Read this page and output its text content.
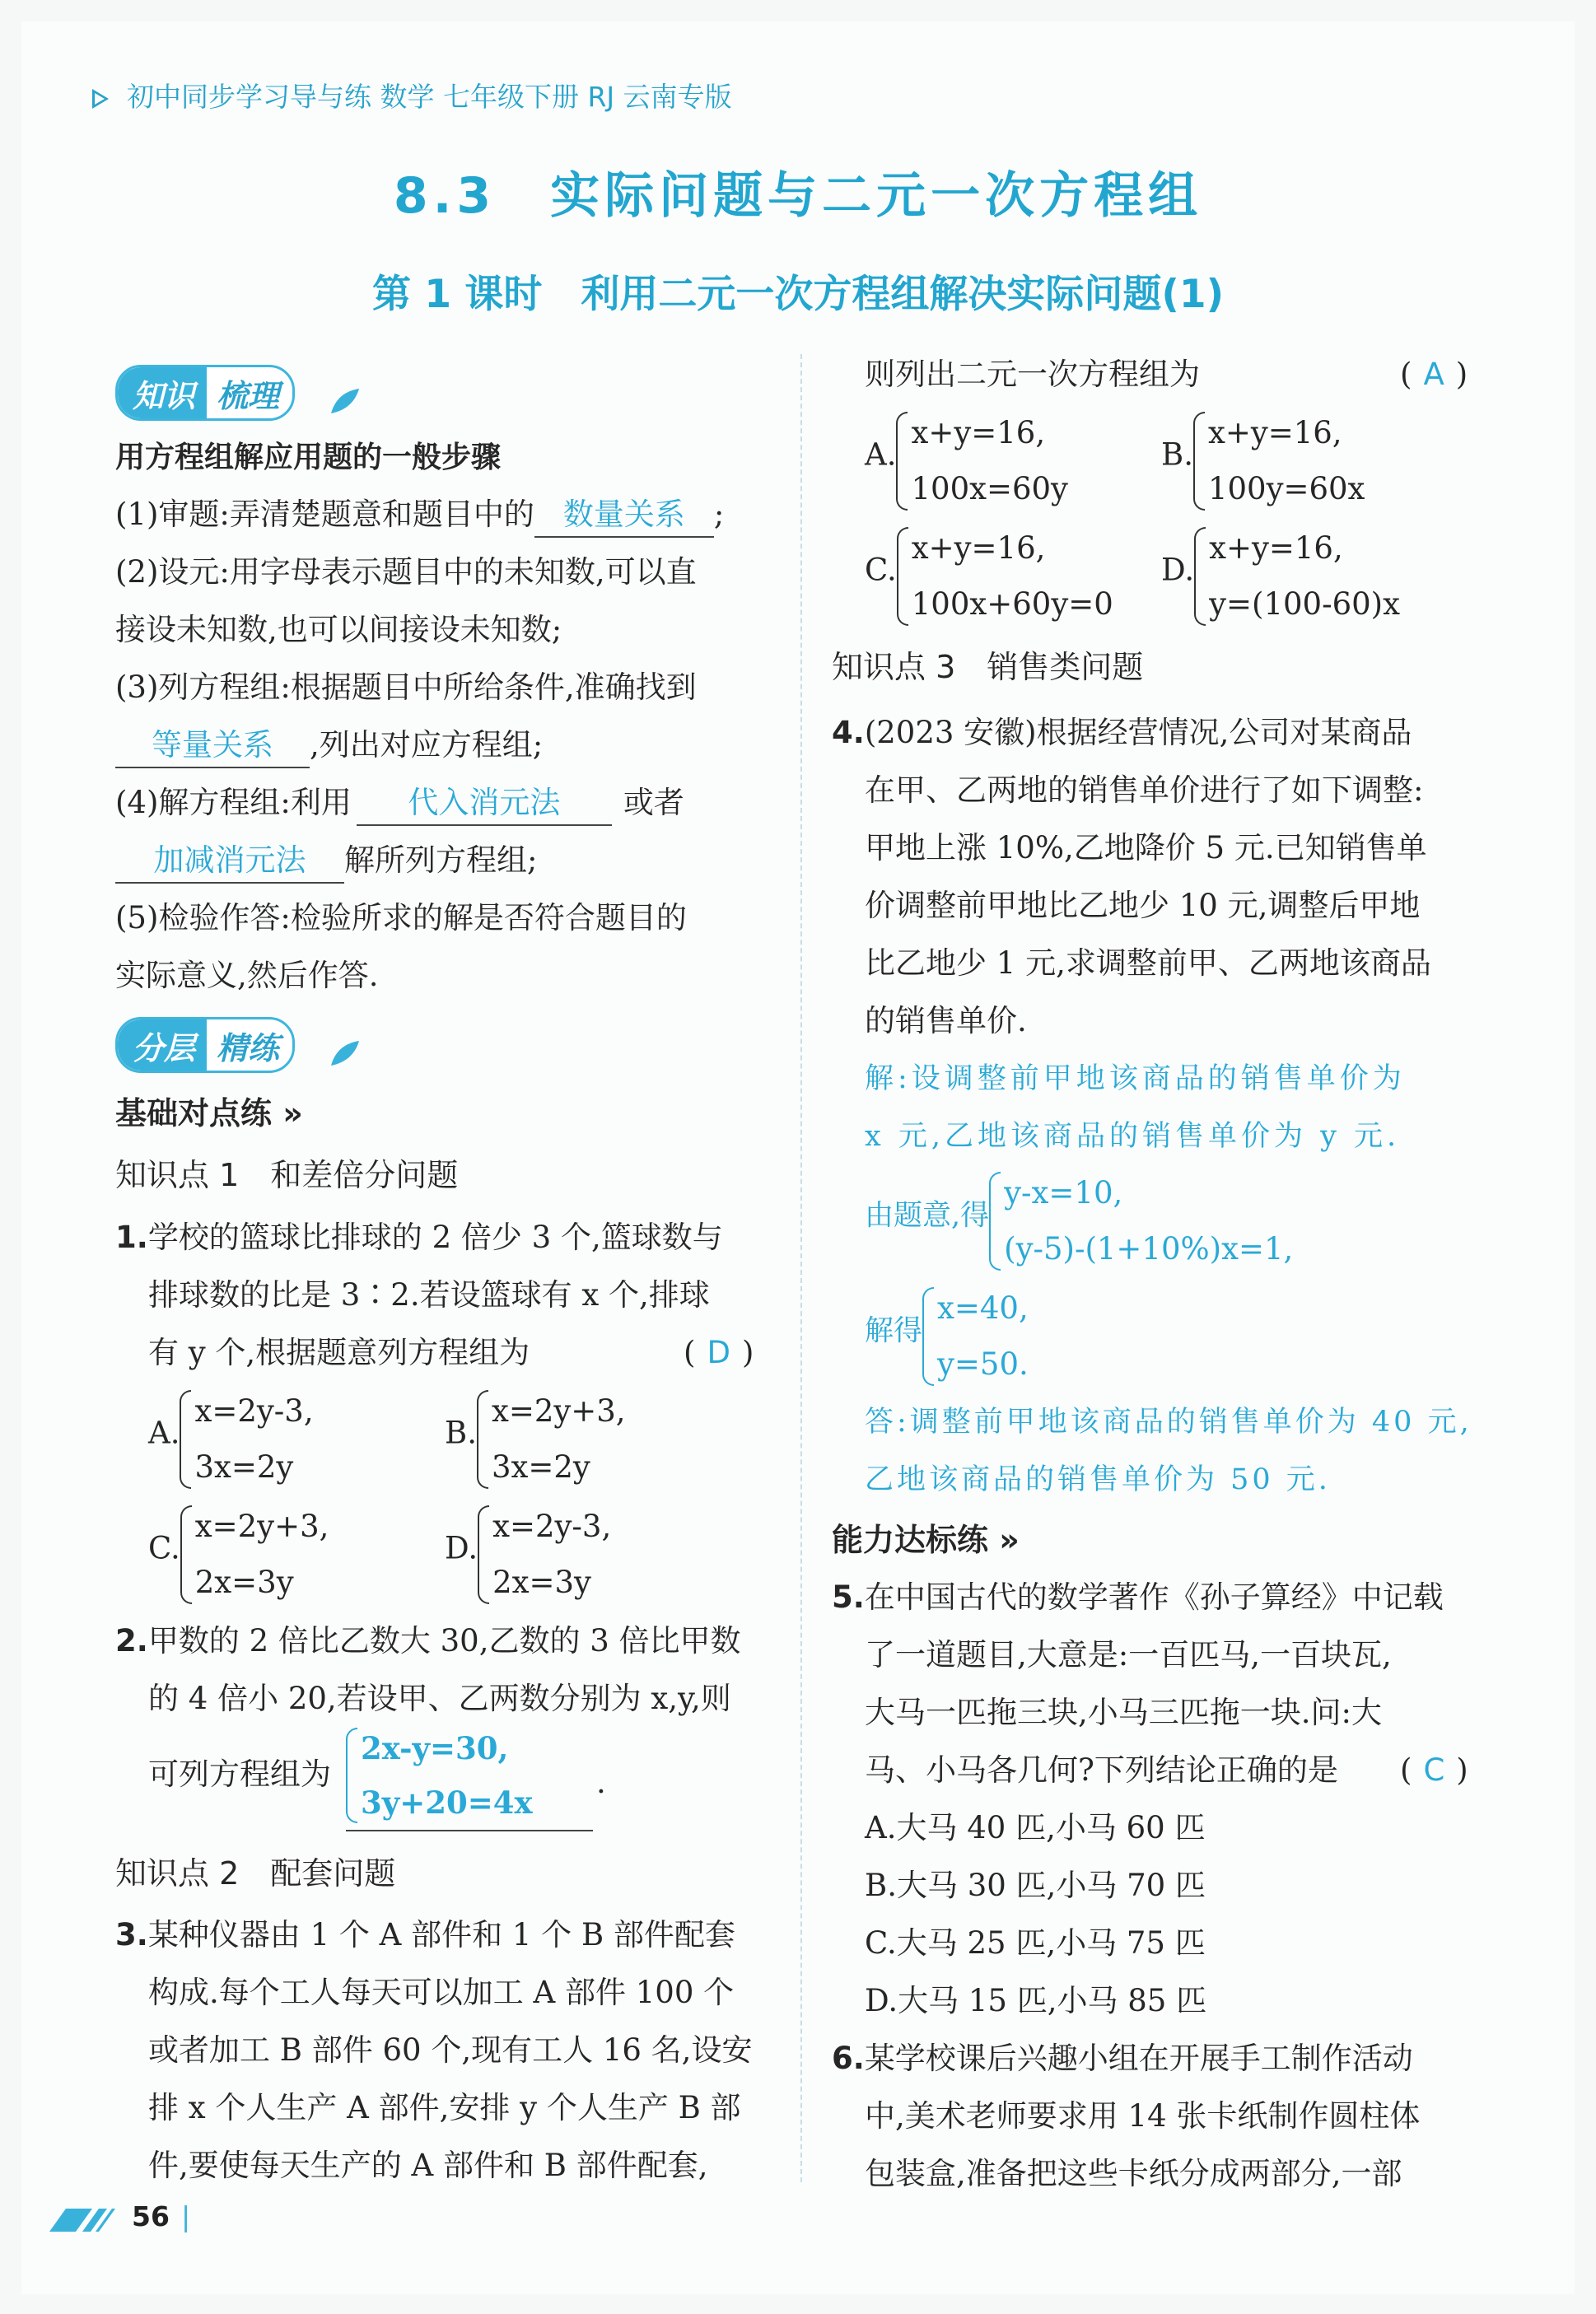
初中同步学习导与练 数学 七年级下册 RJ 云南专版
8.3　实际问题与二元一次方程组
第 1 课时　利用二元一次方程组解决实际问题(1)
知识 梳理
用方程组解应用题的一般步骤
(1)审题:弄清楚题意和题目中的 数量关系 ;
(2)设元:用字母表示题目中的未知数,可以直
接设未知数,也可以间接设未知数;
(3)列方程组:根据题目中所给条件,准确找到
等量关系 ,列出对应方程组;
(4)解方程组:利用 代入消元法 或者
加减消元法 解所列方程组;
(5)检验作答:检验所求的解是否符合题目的
实际意义,然后作答.
分层 精练
基础对点练 »
知识点 1　和差倍分问题
1.学校的篮球比排球的 2 倍少 3 个,篮球数与
排球数的比是 3∶2.若设篮球有 x 个,排球
有 y 个,根据题意列方程组为	( D )
A.
x=2y-3,
3x=2y
B.
x=2y+3,
3x=2y
C.
x=2y+3,
2x=3y
D.
x=2y-3,
2x=3y
2.甲数的 2 倍比乙数大 30,乙数的 3 倍比甲数
的 4 倍小 20,若设甲、乙两数分别为 x,y,则
可列方程组为
2x-y=30,
3y+20=4x
.
知识点 2　配套问题
3.某种仪器由 1 个 A 部件和 1 个 B 部件配套
构成.每个工人每天可以加工 A 部件 100 个
或者加工 B 部件 60 个,现有工人 16 名,设安
排 x 个人生产 A 部件,安排 y 个人生产 B 部
件,要使每天生产的 A 部件和 B 部件配套,
则列出二元一次方程组为	( A )
A.
x+y=16,
100x=60y
B.
x+y=16,
100y=60x
C.
x+y=16,
100x+60y=0
D.
x+y=16,
y=(100-60)x
知识点 3　销售类问题
4.(2023 安徽)根据经营情况,公司对某商品
在甲、乙两地的销售单价进行了如下调整:
甲地上涨 10%,乙地降价 5 元.已知销售单
价调整前甲地比乙地少 10 元,调整后甲地
比乙地少 1 元,求调整前甲、乙两地该商品
的销售单价.
解:设调整前甲地该商品的销售单价为
x 元,乙地该商品的销售单价为 y 元.
由题意,得
y-x=10,
(y-5)-(1+10%)x=1,
解得
x=40,
y=50.
答:调整前甲地该商品的销售单价为 40 元,
乙地该商品的销售单价为 50 元.
能力达标练 »
5.在中国古代的数学著作《孙子算经》中记载
了一道题目,大意是:一百匹马,一百块瓦,
大马一匹拖三块,小马三匹拖一块.问:大
马、小马各几何?下列结论正确的是 ( C )
A.大马 40 匹,小马 60 匹
B.大马 30 匹,小马 70 匹
C.大马 25 匹,小马 75 匹
D.大马 15 匹,小马 85 匹
6.某学校课后兴趣小组在开展手工制作活动
中,美术老师要求用 14 张卡纸制作圆柱体
包装盒,准备把这些卡纸分成两部分,一部
56 |
